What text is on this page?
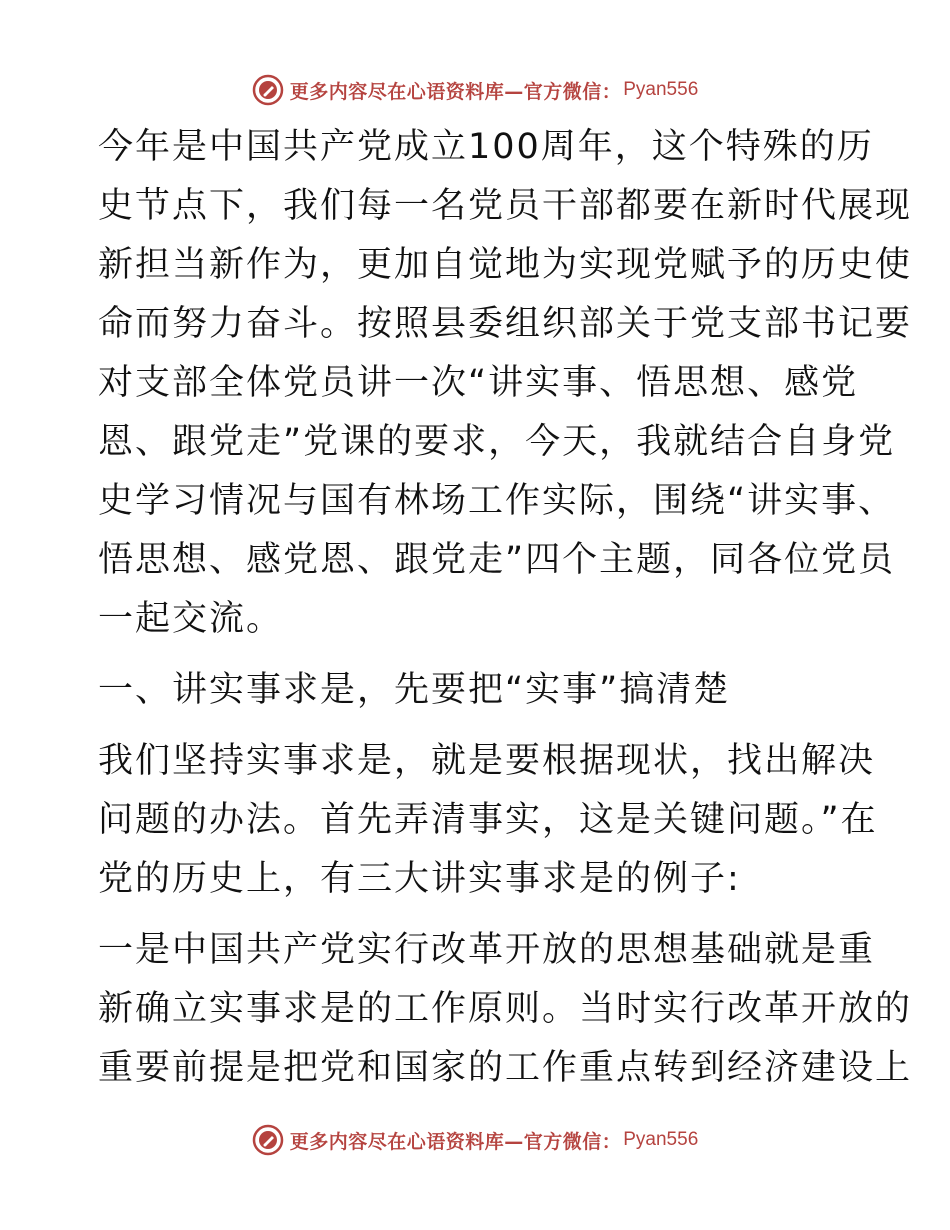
更多内容尽在心语资料库—官方微信： Pyan556
今年是中国共产党成立100周年，这个特殊的历
史节点下，我们每一名党员干部都要在新时代展现
新担当新作为，更加自觉地为实现党赋予的历史使
命而努力奋斗。按照县委组织部关于党支部书记要
对支部全体党员讲一次“讲实事、悟思想、感党
恩、跟党走”党课的要求，今天，我就结合自身党
史学习情况与国有林场工作实际，围绕“讲实事、
悟思想、感党恩、跟党走”四个主题，同各位党员
一起交流。
一、讲实事求是，先要把“实事”搞清楚
我们坚持实事求是，就是要根据现状，找出解决
问题的办法。首先弄清事实，这是关键问题。”在
党的历史上，有三大讲实事求是的例子:
一是中国共产党实行改革开放的思想基础就是重
新确立实事求是的工作原则。当时实行改革开放的
重要前提是把党和国家的工作重点转到经济建设上
更多内容尽在心语资料库—官方微信： Pyan556
